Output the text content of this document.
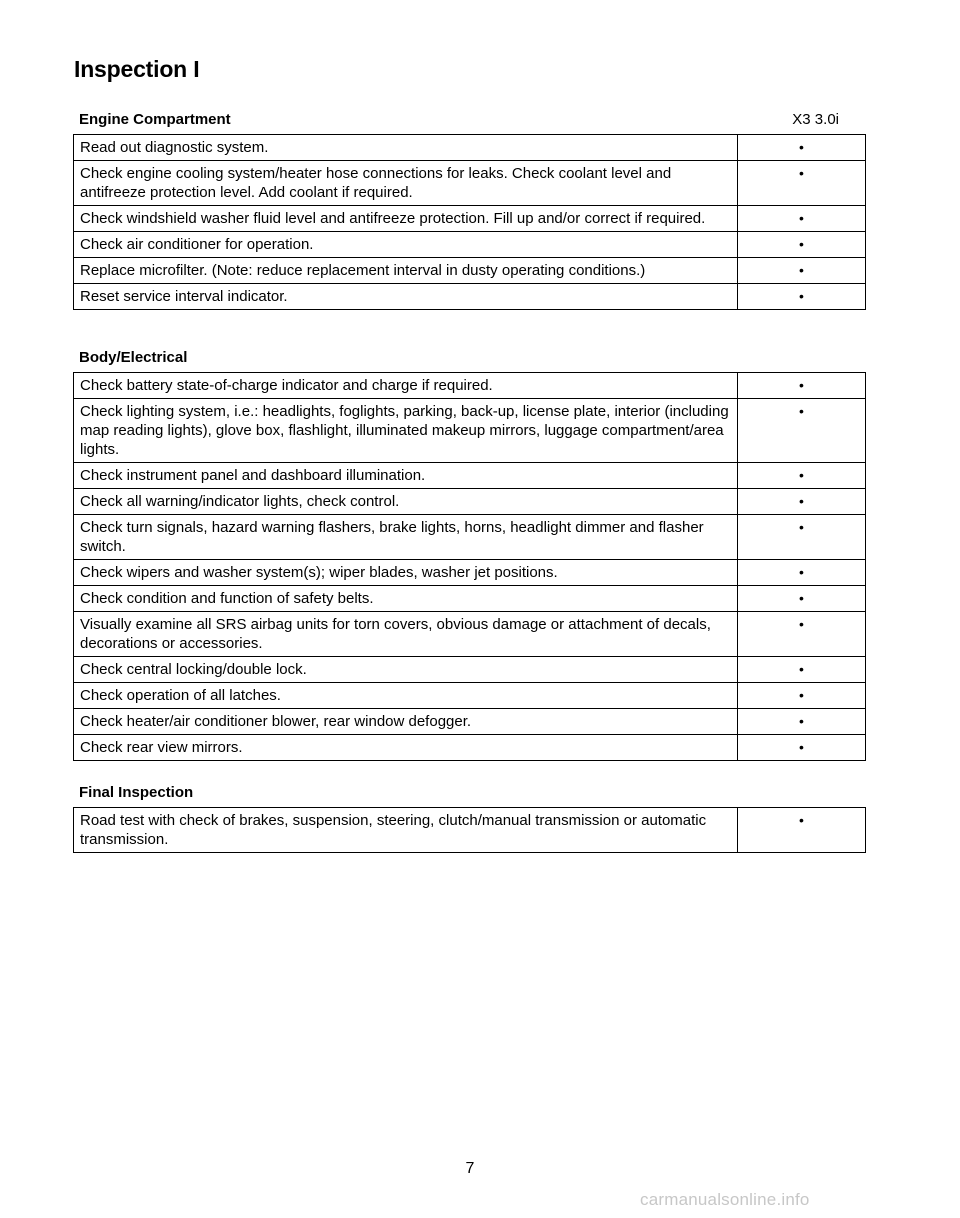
Inspection I
Engine Compartment	X3 3.0i
Read out diagnostic system.	•
Check engine cooling system/heater hose connections for leaks. Check coolant level and antifreeze protection level. Add coolant if required.	•
Check windshield washer fluid level and antifreeze protection. Fill up and/or correct if required.	•
Check air conditioner for operation.	•
Replace microfilter. (Note: reduce replacement interval in dusty operating conditions.)	•
Reset service interval indicator.	•
Body/Electrical
Check battery state-of-charge indicator and charge if required.	•
Check lighting system, i.e.: headlights, foglights, parking, back-up, license plate, interior (including map reading lights), glove box, flashlight, illuminated makeup mirrors, luggage compartment/area lights.	•
Check instrument panel and dashboard illumination.	•
Check all warning/indicator lights, check control.	•
Check turn signals, hazard warning flashers, brake lights, horns, headlight dimmer and flasher switch.	•
Check wipers and washer system(s); wiper blades, washer jet positions.	•
Check condition and function of safety belts.	•
Visually examine all SRS airbag units for torn covers, obvious damage or attachment of decals, decorations or accessories.	•
Check central locking/double lock.	•
Check operation of all latches.	•
Check heater/air conditioner blower, rear window defogger.	•
Check rear view mirrors.	•
Final Inspection
Road test with check of brakes, suspension, steering, clutch/manual transmission or automatic transmission.	•
7
carmanualsonline.info
